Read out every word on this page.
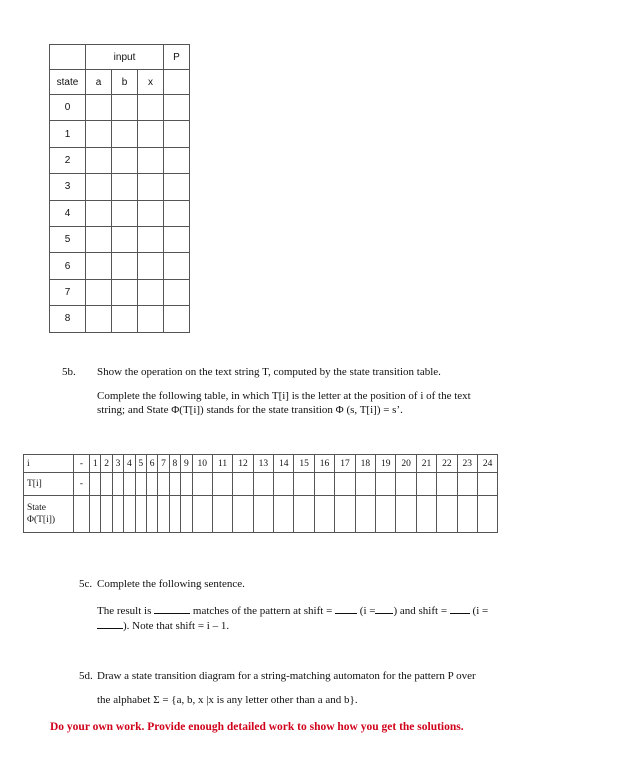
	input			P
state	a	b	x	
0				
1				
2				
3				
4				
5				
6				
7				
8				
5b. Show the operation on the text string T, computed by the state transition table.
Complete the following table, in which T[i] is the letter at the position of i of the text
string; and State Φ(T[i]) stands for the state transition Φ (s, T[i]) = s’.
i	-	1	2	3	4	5	6	7	8	9	10	11	12	13	14	15	16	17	18	19	20	21	22	23	24
T[i]	-																								
State
Φ(T[i])																									
5c. Complete the following sentence.
The result is	matches of the pattern at shift =	(i = ) and shift = (i =
). Note that shift = i – 1.
5d. Draw a state transition diagram for a string-matching automaton for the pattern P over
the alphabet Σ = {a, b, x |x is any letter other than a and b}.
Do your own work. Provide enough detailed work to show how you get the solutions.
